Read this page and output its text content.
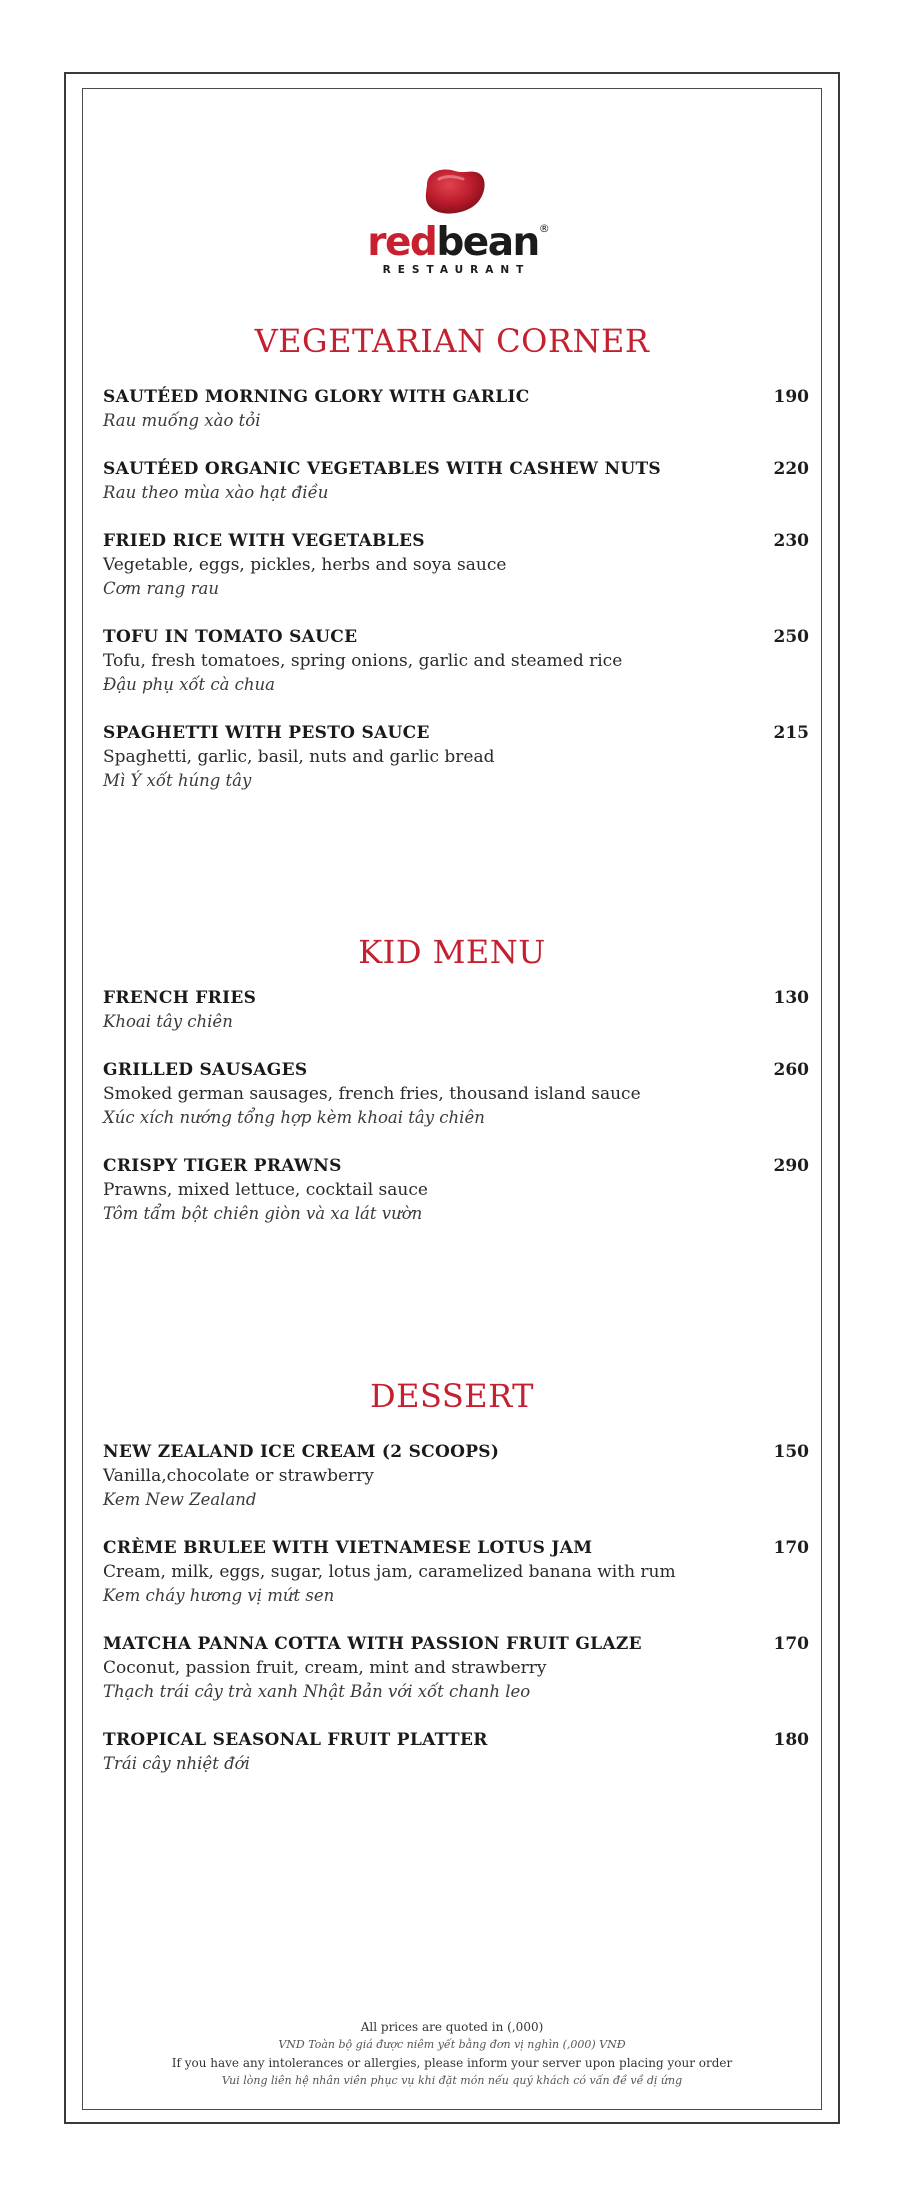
redbean ®
RESTAURANT
VEGETARIAN CORNER
SAUTÉED MORNING GLORY WITH GARLIC	190
Rau muống xào tỏi
SAUTÉED ORGANIC VEGETABLES WITH CASHEW NUTS	220
Rau theo mùa xào hạt điều
FRIED RICE WITH VEGETABLES	230
Vegetable, eggs, pickles, herbs and soya sauce
Cơm rang rau
TOFU IN TOMATO SAUCE	250
Tofu, fresh tomatoes, spring onions, garlic and steamed rice
Đậu phụ xốt cà chua
SPAGHETTI WITH PESTO SAUCE	215
Spaghetti, garlic, basil, nuts and garlic bread
Mì Ý xốt húng tây
KID MENU
FRENCH FRIES	130
Khoai tây chiên
GRILLED SAUSAGES	260
Smoked german sausages, french fries, thousand island sauce
Xúc xích nướng tổng hợp kèm khoai tây chiên
CRISPY TIGER PRAWNS	290
Prawns, mixed lettuce, cocktail sauce
Tôm tẩm bột chiên giòn và xa lát vườn
DESSERT
NEW ZEALAND ICE CREAM (2 SCOOPS)	150
Vanilla,chocolate or strawberry
Kem New Zealand
CRÈME BRULEE WITH VIETNAMESE LOTUS JAM	170
Cream, milk, eggs, sugar, lotus jam, caramelized banana with rum
Kem cháy hương vị mứt sen
MATCHA PANNA COTTA WITH PASSION FRUIT GLAZE	170
Coconut, passion fruit, cream, mint and strawberry
Thạch trái cây trà xanh Nhật Bản với xốt chanh leo
TROPICAL SEASONAL FRUIT PLATTER	180
Trái cây nhiệt đới
All prices are quoted in (,000)
VND Toàn bộ giá được niêm yết bằng đơn vị nghìn (,000) VNĐ
If you have any intolerances or allergies, please inform your server upon placing your order
Vui lòng liên hệ nhân viên phục vụ khi đặt món nếu quý khách có vấn đề về dị ứng
